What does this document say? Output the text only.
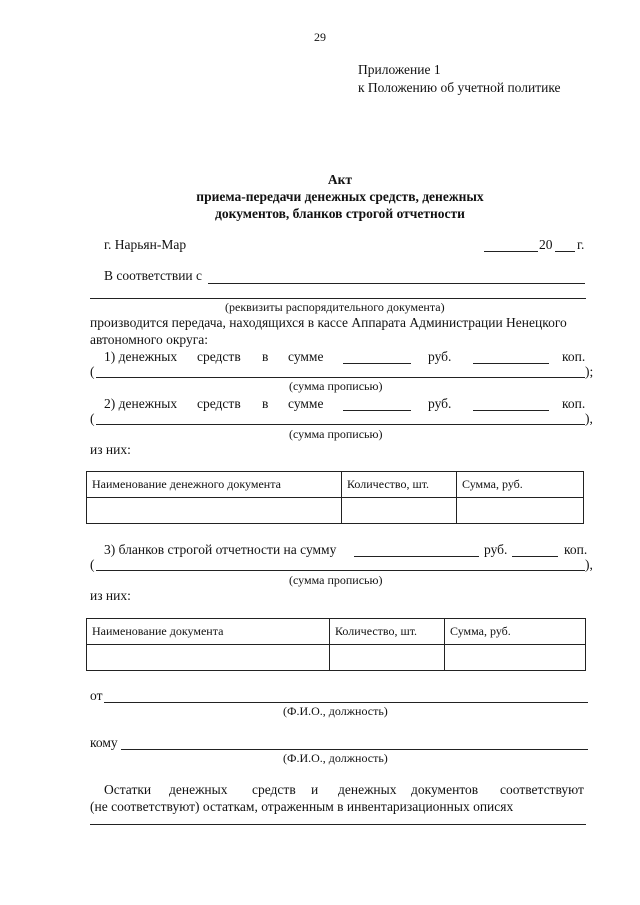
29
Приложение 1
к Положению об учетной политике
Акт
приема-передачи денежных средств, денежных
документов, бланков строгой отчетности
г. Нарьян-Мар	20 г.
В соответствии с
(реквизиты распорядительного документа)
производится передача, находящихся в кассе Аппарата Администрации Ненецкого
автономного округа:
1) денежных средств в сумме	руб.	коп.
(	);
(сумма прописью)
2) денежных средств в сумме	руб.	коп.
(	),
(сумма прописью)
из них:
Наименование денежного документа	Количество, шт.	Сумма, руб.

3) бланков строгой отчетности на сумму	руб.	коп.
(	),
(сумма прописью)
из них:
Наименование документа	Количество, шт.	Сумма, руб.

от
(Ф.И.О., должность)
кому
(Ф.И.О., должность)
Остатки денежных средств и денежных документов соответствуют
(не соответствуют) остаткам, отраженным в инвентаризационных описях
